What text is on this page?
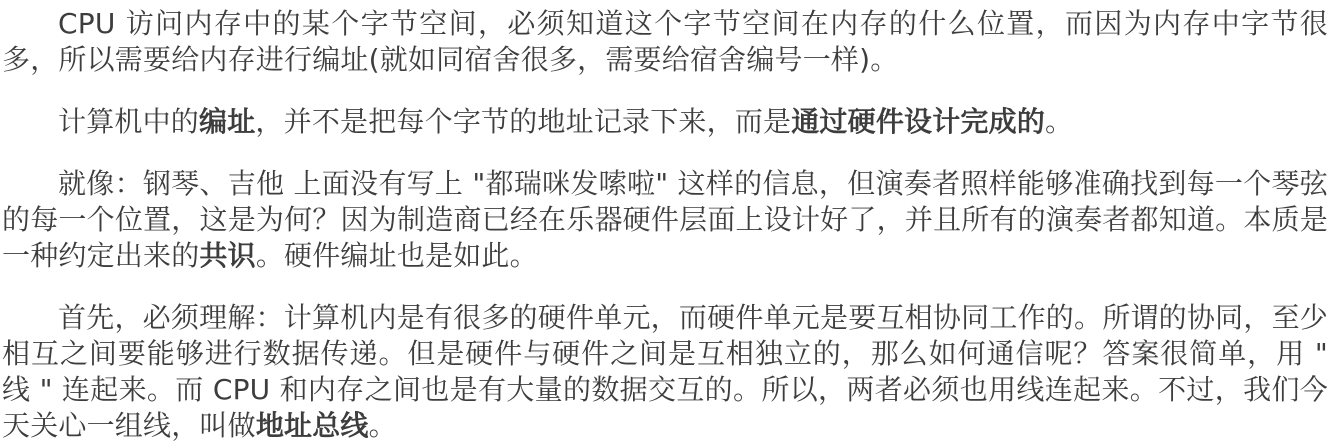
CPU 访问内存中的某个字节空间，必须知道这个字节空间在内存的什么位置，而因为内存中字节很多，所以需要给内存进行编址(就如同宿舍很多，需要给宿舍编号一样)。

计算机中的编址，并不是把每个字节的地址记录下来，而是通过硬件设计完成的。

就像：钢琴、吉他 上面没有写上 "都瑞咪发嗦啦" 这样的信息，但演奏者照样能够准确找到每一个琴弦的每一个位置，这是为何？因为制造商已经在乐器硬件层面上设计好了，并且所有的演奏者都知道。本质是一种约定出来的共识。硬件编址也是如此。

首先，必须理解：计算机内是有很多的硬件单元，而硬件单元是要互相协同工作的。所谓的协同，至少相互之间要能够进行数据传递。但是硬件与硬件之间是互相独立的，那么如何通信呢？答案很简单，用 " 线 " 连起来。而 CPU 和内存之间也是有大量的数据交互的。所以，两者必须也用线连起来。不过，我们今天关心一组线，叫做地址总线。
